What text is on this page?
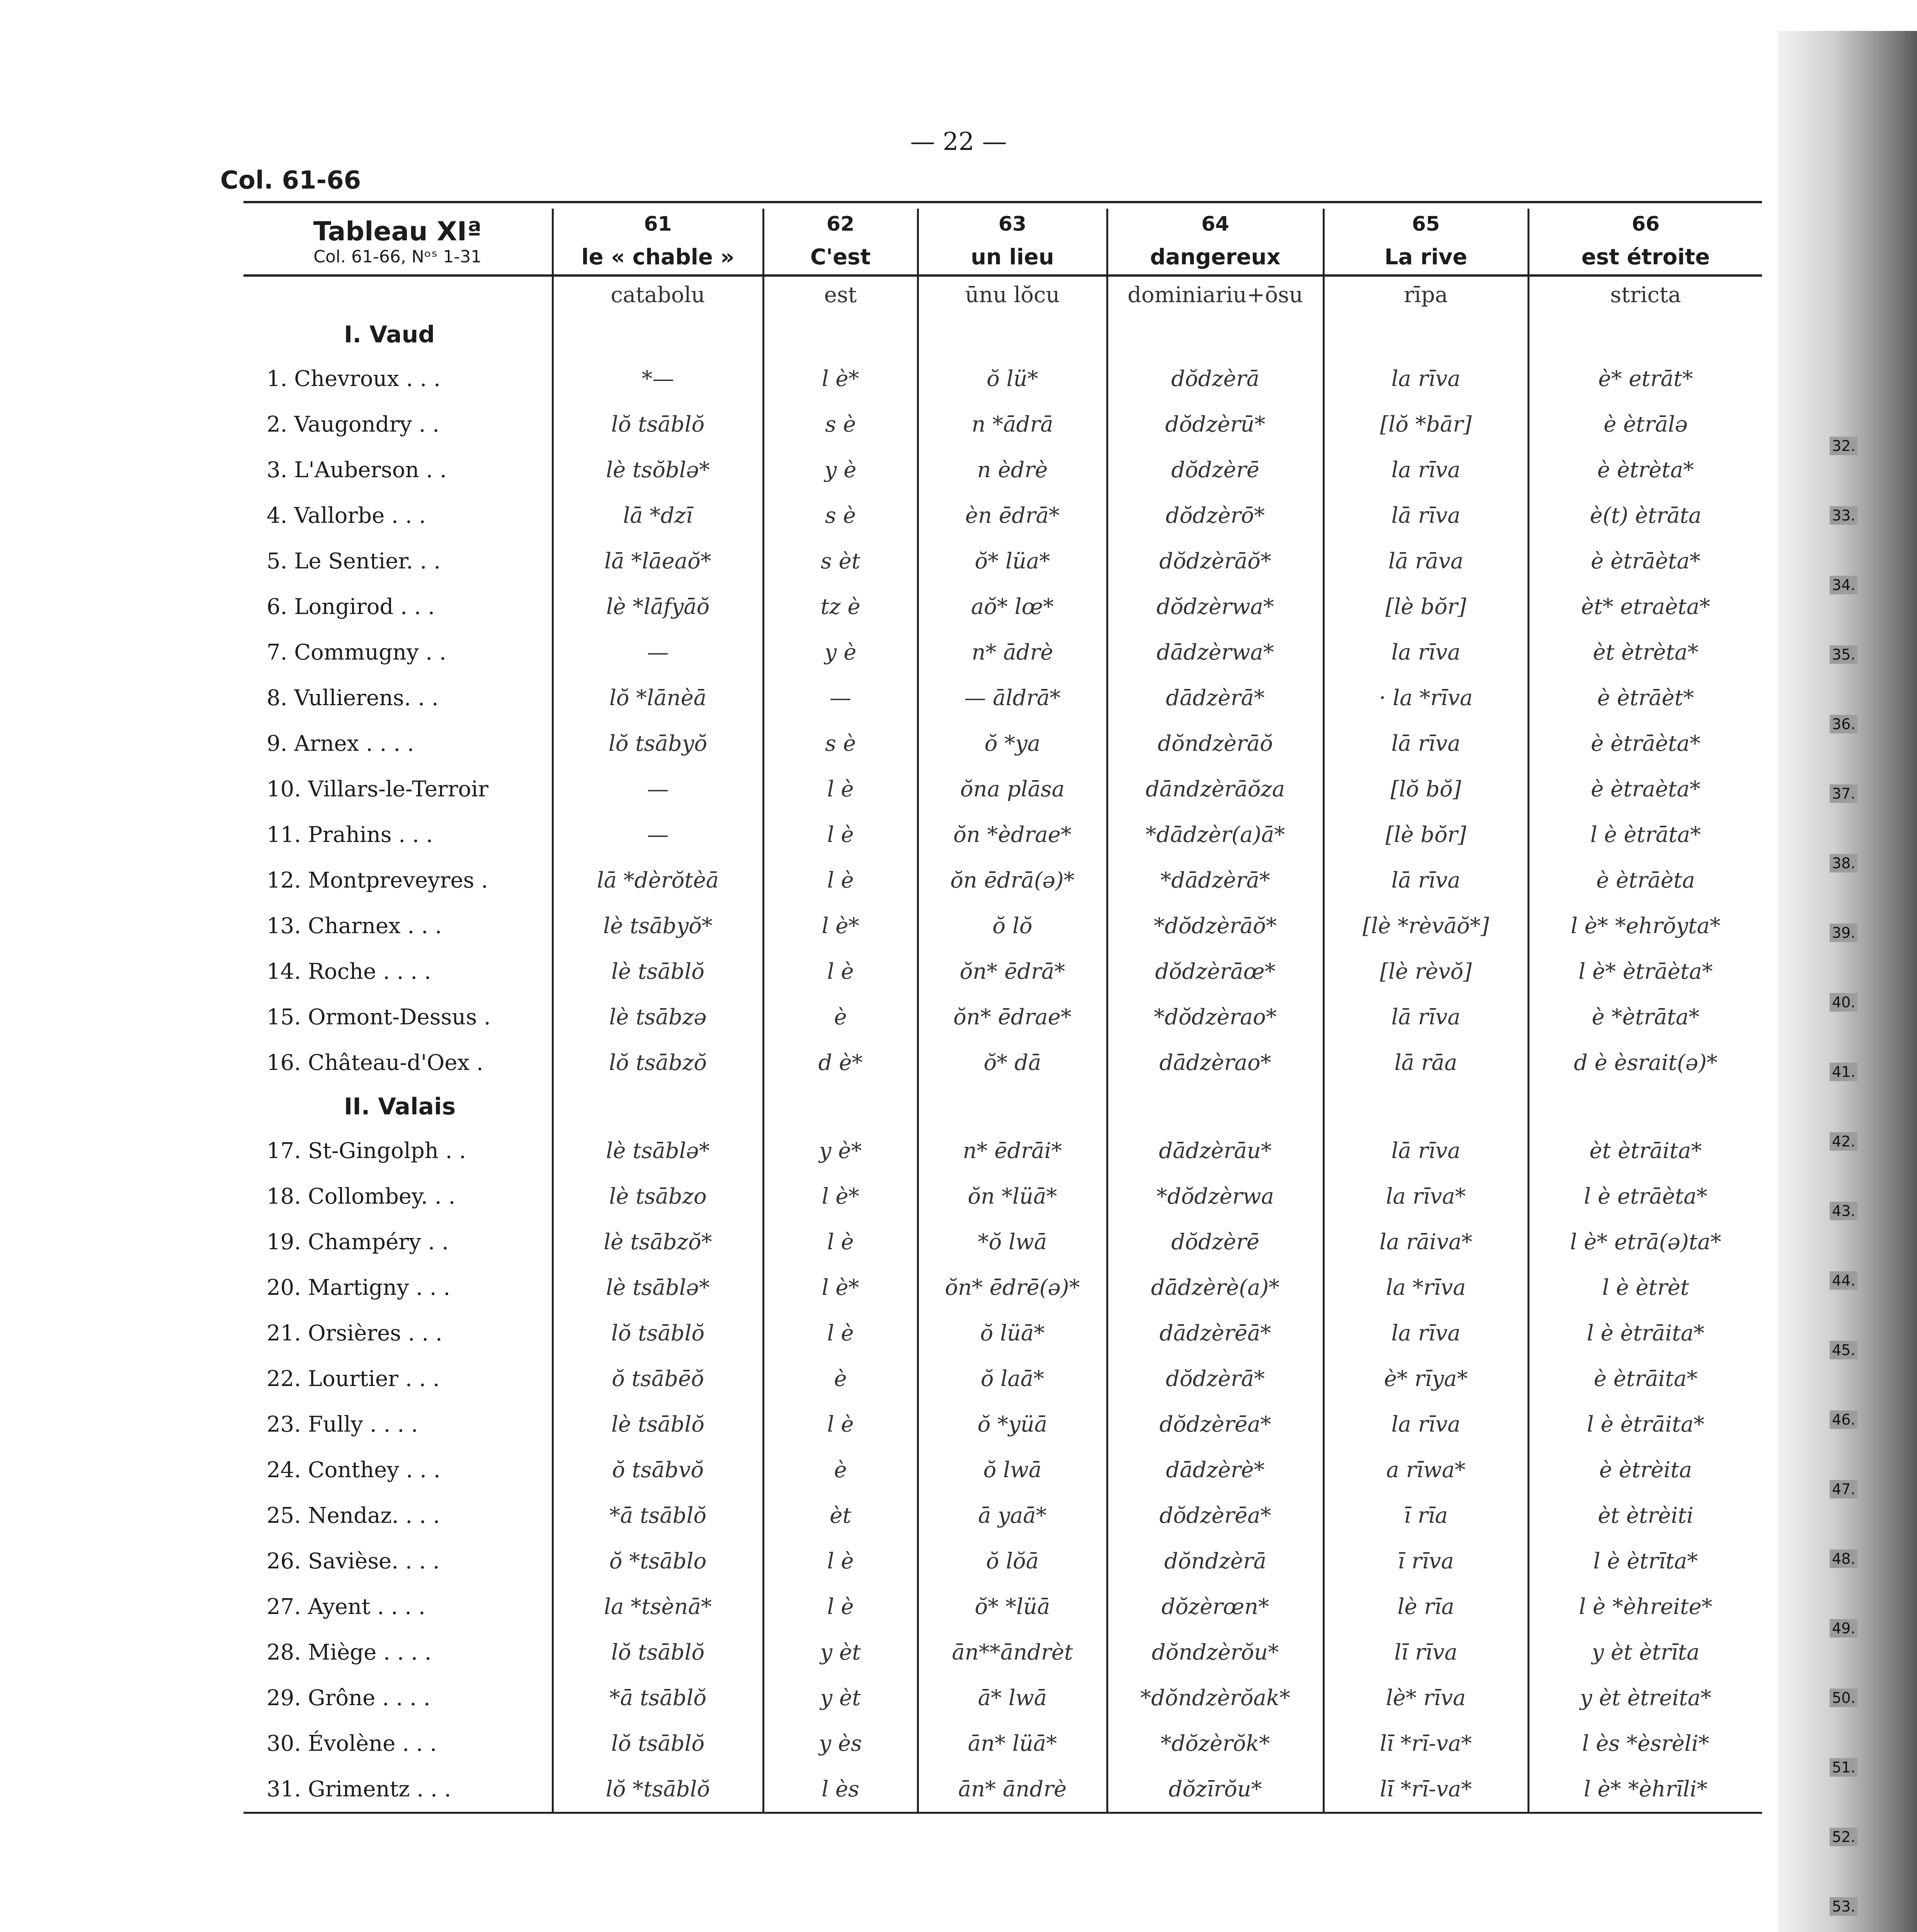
32.
33.
34.
35.
36.
37.
38.
39.
40.
41.
42.
43.
44.
45.
46.
47.
48.
49.
50.
51.
52.
53.
— 22 —
Col. 61-66
Tableau XIª
Col. 61-66, Nᵒˢ 1-31	61	62	63	64	65	66
	le « chable »	C'est	un lieu	dangereux	La rive	est étroite
	catabolu	est	ūnu lŏcu	dominiariu+ōsu	rīpa	stricta
I. Vaud						
1. Chevroux . . .	*—	l è*	ŏ lü*	dŏdzèrā	la rīva	è* etrāt*
2. Vaugondry . .	lŏ tsāblŏ	s è	n *ādrā	dŏdzèrū*	[lŏ *bār]	è ètrālə
3. L'Auberson . .	lè tsŏblə*	y è	n èdrè	dŏdzèrē	la rīva	è ètrèta*
4. Vallorbe . . .	lā *dzī	s è	èn ēdrā*	dŏdzèrō*	lā rīva	è(t) ètrāta
5. Le Sentier. . .	lā *lāeaŏ*	s èt	ŏ* lüa*	dŏdzèrāŏ*	lā rāva	è ètrāèta*
6. Longirod . . .	lè *lāfyāŏ	tz è	aŏ* lœ*	dŏdzèrwa*	[lè bŏr]	èt* etraèta*
7. Commugny . .	—	y è	n* ādrè	dādzèrwa*	la rīva	èt ètrèta*
8. Vullierens. . .	lŏ *lānèā	—	— āldrā*	dādzèrā*	· la *rīva	è ètrāèt*
9. Arnex . . . .	lŏ tsābyŏ	s è	ŏ *ya	dŏndzèrāŏ	lā rīva	è ètrāèta*
10. Villars-le-Terroir	—	l è	ŏna plāsa	dāndzèrāŏza	[lŏ bŏ]	è ètraèta*
11. Prahins . . .	—	l è	ŏn *èdrae*	*dādzèr(a)ā*	[lè bŏr]	l è ètrāta*
12. Montpreveyres .	lā *dèrŏtèā	l è	ŏn ēdrā(ə)*	*dādzèrā*	lā rīva	è ètrāèta
13. Charnex . . .	lè tsābyŏ*	l è*	ŏ lŏ	*dŏdzèrāŏ*	[lè *rèvāŏ*]	l è* *ehrŏyta*
14. Roche . . . .	lè tsāblŏ	l è	ŏn* ēdrā*	dŏdzèrāœ*	[lè rèvŏ]	l è* ètrāèta*
15. Ormont-Dessus .	lè tsābzə	è	ŏn* ēdrae*	*dŏdzèrao*	lā rīva	è *ètrāta*
16. Château-d'Oex .	lŏ tsābzŏ	d è*	ŏ* dā	dādzèrao*	lā rāa	d è èsrait(ə)*
II. Valais						
17. St-Gingolph . .	lè tsāblə*	y è*	n* ēdrāi*	dādzèrāu*	lā rīva	èt ètrāita*
18. Collombey. . .	lè tsābzo	l è*	ŏn *lüā*	*dŏdzèrwa	la rīva*	l è etrāèta*
19. Champéry . .	lè tsābzŏ*	l è	*ŏ lwā	dŏdzèrē	la rāiva*	l è* etrā(ə)ta*
20. Martigny . . .	lè tsāblə*	l è*	ŏn* ēdrē(ə)*	dādzèrè(a)*	la *rīva	l è ètrèt
21. Orsières . . .	lŏ tsāblŏ	l è	ŏ lüā*	dādzèrēā*	la rīva	l è ètrāita*
22. Lourtier . . .	ŏ tsābēŏ	è	ŏ laā*	dŏdzèrā*	è* rīya*	è ètrāita*
23. Fully . . . .	lè tsāblŏ	l è	ŏ *yüā	dŏdzèrēa*	la rīva	l è ètrāita*
24. Conthey . . .	ŏ tsābvŏ	è	ŏ lwā	dādzèrè*	a rīwa*	è ètrèita
25. Nendaz. . . .	*ā tsāblŏ	èt	ā yaā*	dŏdzèrēa*	ī rīa	èt ètrèiti
26. Savièse. . . .	ŏ *tsāblo	l è	ŏ lŏā	dŏndzèrā	ī rīva	l è ètrīta*
27. Ayent . . . .	la *tsènā*	l è	ŏ* *lüā	dŏzèrœn*	lè rīa	l è *èhreite*
28. Miège . . . .	lŏ tsāblŏ	y èt	ān**āndrèt	dŏndzèrŏu*	lī rīva	y èt ètrīta
29. Grône . . . .	*ā tsāblŏ	y èt	ā* lwā	*dŏndzèrŏak*	lè* rīva	y èt ètreita*
30. Évolène . . .	lŏ tsāblŏ	y ès	ān* lüā*	*dŏzèrŏk*	lī *rī-va*	l ès *èsrèli*
31. Grimentz . . .	lŏ *tsāblŏ	l ès	ān* āndrè	dŏzīrŏu*	lī *rī-va*	l è* *èhrīli*
